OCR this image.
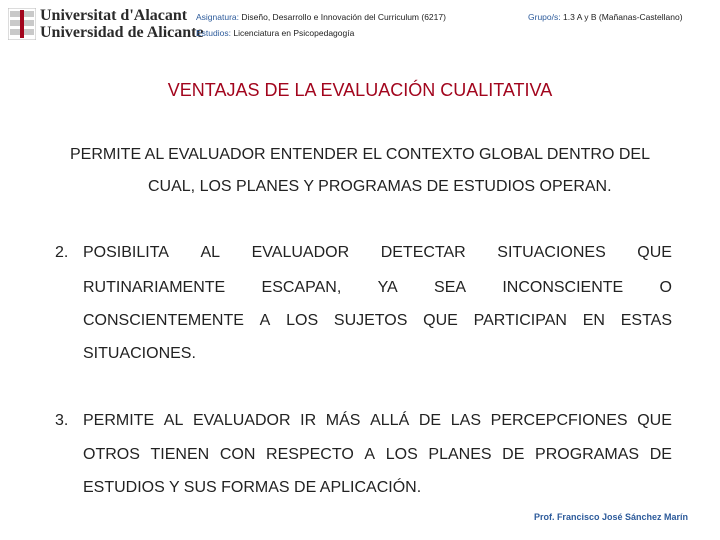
Universitat d'Alacant
Universidad de Alicante
Asignatura: Diseño, Desarrollo e Innovación del Curriculum (6217)	Grupo/s: 1.3 A y B (Mañanas-Castellano)
Estudios: Licenciatura en Psicopedagogía
VENTAJAS DE LA EVALUACIÓN CUALITATIVA
PERMITE AL EVALUADOR ENTENDER EL CONTEXTO GLOBAL DENTRO DEL
CUAL, LOS PLANES Y PROGRAMAS DE ESTUDIOS OPERAN.
2. POSIBILITA AL EVALUADOR DETECTAR SITUACIONES QUE
RUTINARIAMENTE ESCAPAN, YA SEA INCONSCIENTE O
CONSCIENTEMENTE A LOS SUJETOS QUE PARTICIPAN EN ESTAS
SITUACIONES.
3. PERMITE AL EVALUADOR IR MÁS ALLÁ DE LAS PERCEPCFIONES QUE
OTROS TIENEN CON RESPECTO A LOS PLANES DE PROGRAMAS DE
ESTUDIOS Y SUS FORMAS DE APLICACIÓN.
Prof. Francisco José Sánchez Marín
